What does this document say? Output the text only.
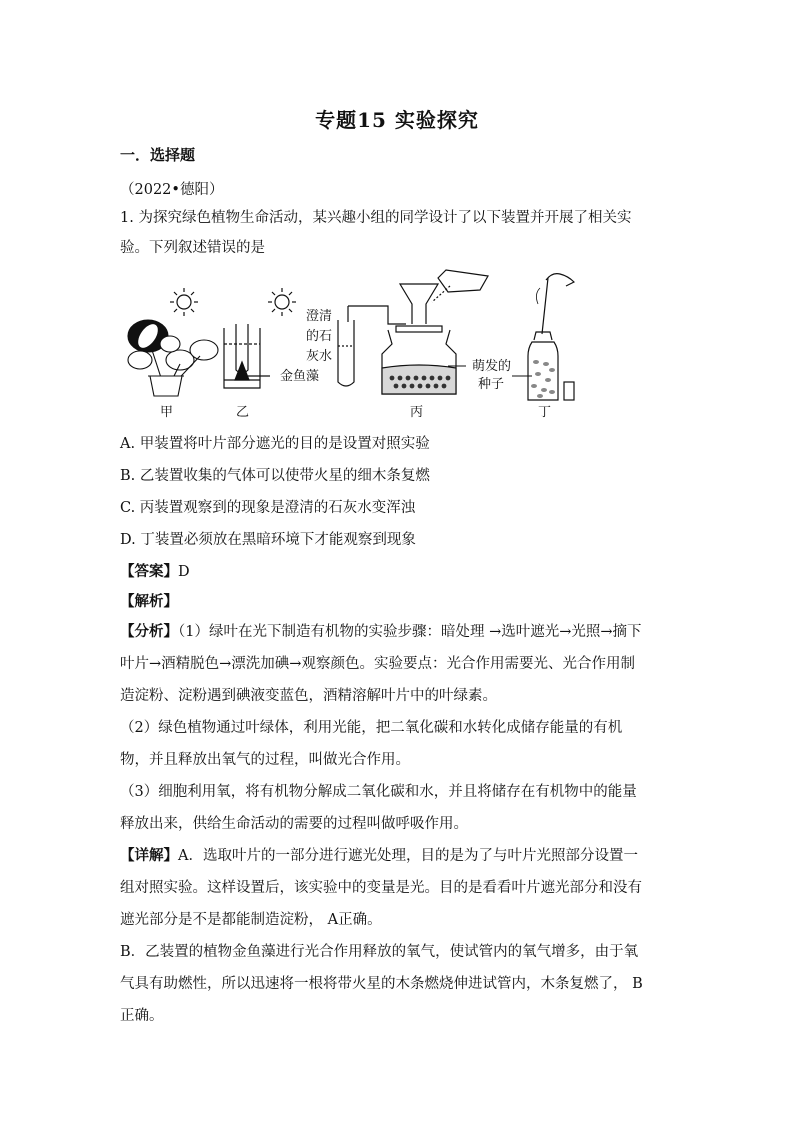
专题15 实验探究
一．选择题
（2022•德阳）
1. 为探究绿色植物生命活动，某兴趣小组的同学设计了以下装置并开展了相关实
验。下列叙述错误的是
甲	乙
金鱼藻
澄清
的石
灰水
丙
萌发的
种子
丁
A. 甲装置将叶片部分遮光的目的是设置对照实验
B. 乙装置收集的气体可以使带火星的细木条复燃
C. 丙装置观察到的现象是澄清的石灰水变浑浊
D. 丁装置必须放在黑暗环境下才能观察到现象
【答案】D
【解析】
【分析】（1）绿叶在光下制造有机物的实验步骤：暗处理 →选叶遮光→光照→摘下
叶片→酒精脱色→漂洗加碘→观察颜色。实验要点：光合作用需要光、光合作用制
造淀粉、淀粉遇到碘液变蓝色，酒精溶解叶片中的叶绿素。
（2）绿色植物通过叶绿体，利用光能，把二氧化碳和水转化成储存能量的有机
物，并且释放出氧气的过程，叫做光合作用。
（3）细胞利用氧，将有机物分解成二氧化碳和水，并且将储存在有机物中的能量
释放出来，供给生命活动的需要的过程叫做呼吸作用。
【详解】A．选取叶片的一部分进行遮光处理，目的是为了与叶片光照部分设置一
组对照实验。这样设置后，该实验中的变量是光。目的是看看叶片遮光部分和没有
遮光部分是不是都能制造淀粉， A正确。
B．乙装置的植物金鱼藻进行光合作用释放的氧气，使试管内的氧气增多，由于氧
气具有助燃性，所以迅速将一根将带火星的木条燃烧伸进试管内，木条复燃了， B
正确。
